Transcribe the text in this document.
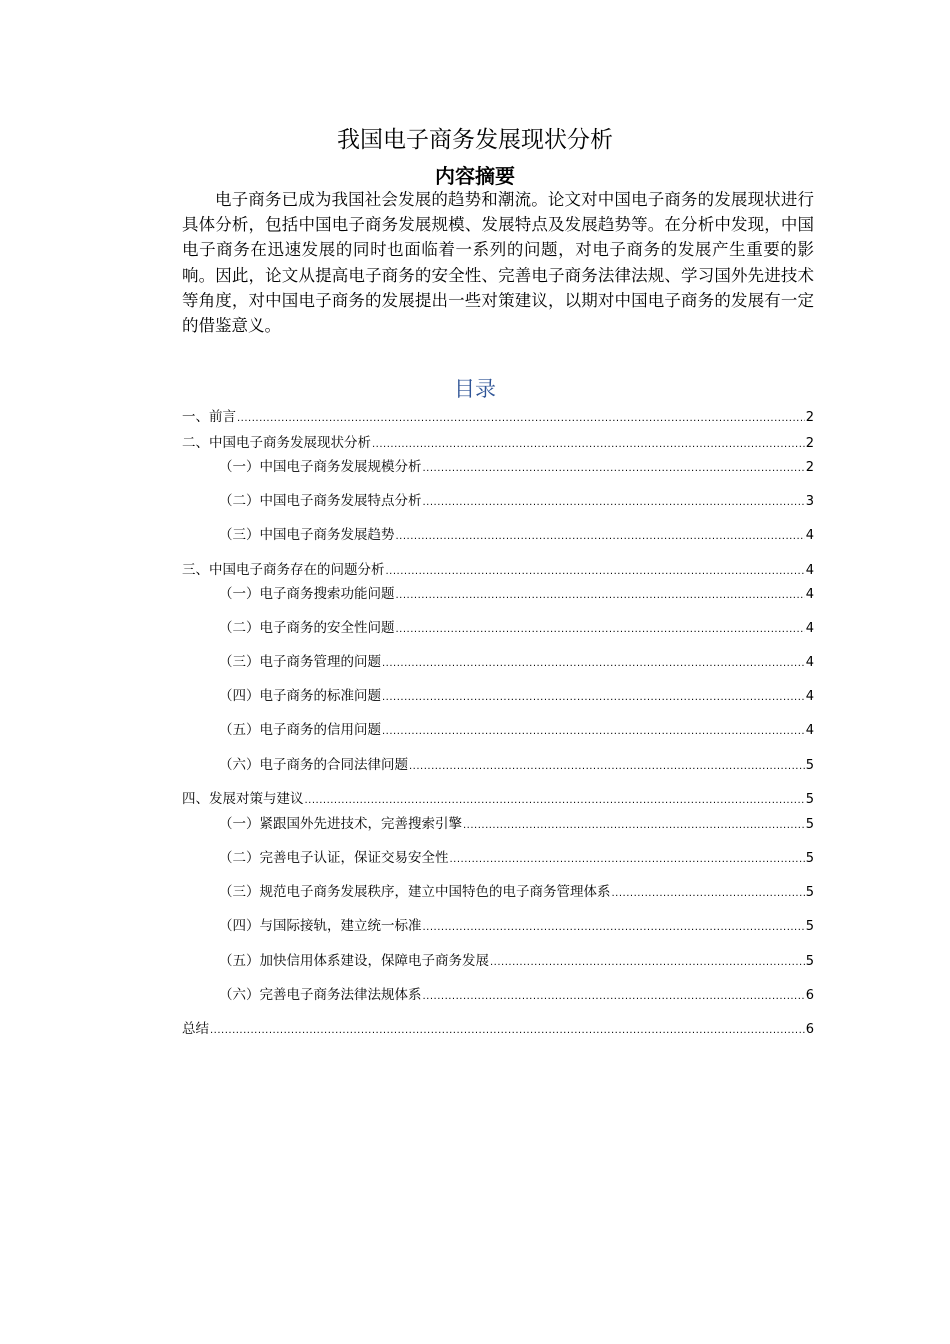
我国电子商务发展现状分析
内容摘要

电子商务已成为我国社会发展的趋势和潮流。论文对中国电子商务的发展现状进行具体分析，包括中国电子商务发展规模、发展特点及发展趋势等。在分析中发现，中国电子商务在迅速发展的同时也面临着一系列的问题，对电子商务的发展产生重要的影响。因此，论文从提高电子商务的安全性、完善电子商务法律法规、学习国外先进技术等角度，对中国电子商务的发展提出一些对策建议，以期对中国电子商务的发展有一定的借鉴意义。

目录
一、前言 .....	2
二、中国电子商务发展现状分析 .....	2
（一）中国电子商务发展规模分析 .....	2
（二）中国电子商务发展特点分析 .....	3
（三）中国电子商务发展趋势 .....	4
三、中国电子商务存在的问题分析 .....	4
（一）电子商务搜索功能问题 .....	4
（二）电子商务的安全性问题 .....	4
（三）电子商务管理的问题 .....	4
（四）电子商务的标准问题 .....	4
（五）电子商务的信用问题 .....	4
（六）电子商务的合同法律问题 .....	5
四、发展对策与建议 .....	5
（一）紧跟国外先进技术，完善搜索引擎 .....	5
（二）完善电子认证，保证交易安全性 .....	5
（三）规范电子商务发展秩序，建立中国特色的电子商务管理体系 .....	5
（四）与国际接轨，建立统一标准 .....	5
（五）加快信用体系建设，保障电子商务发展 .....	5
（六）完善电子商务法律法规体系 .....	6
总结 .....	6
